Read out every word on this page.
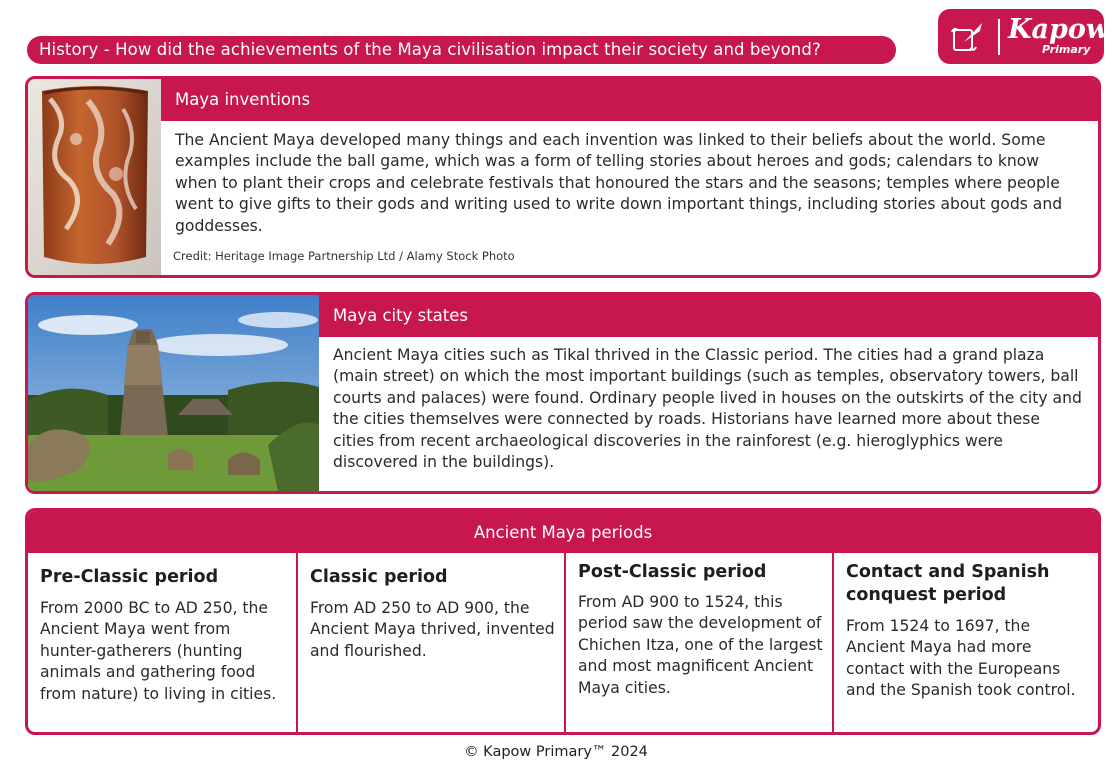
History - How did the achievements of the Maya civilisation impact their society and beyond?
Kapow
Primary
Maya inventions
The Ancient Maya developed many things and each invention was linked to their beliefs about the world. Some examples include the ball game, which was a form of telling stories about heroes and gods; calendars to know when to plant their crops and celebrate festivals that honoured the stars and the seasons; temples where people went to give gifts to their gods and writing used to write down important things, including stories about gods and goddesses.
Credit: Heritage Image Partnership Ltd / Alamy Stock Photo
Maya city states
Ancient Maya cities such as Tikal thrived in the Classic period. The cities had a grand plaza (main street) on which the most important buildings (such as temples, observatory towers, ball courts and palaces) were found. Ordinary people lived in houses on the outskirts of the city and the cities themselves were connected by roads. Historians have learned more about these cities from recent archaeological discoveries in the rainforest (e.g. hieroglyphics were discovered in the buildings).
Ancient Maya periods
Pre-Classic period
From 2000 BC to AD 250, the Ancient Maya went from hunter-gatherers (hunting animals and gathering food from nature) to living in cities.
Classic period
From AD 250 to AD 900, the Ancient Maya thrived, invented and flourished.
Post-Classic period
From AD 900 to 1524, this period saw the development of Chichen Itza, one of the largest and most magnificent Ancient Maya cities.
Contact and Spanish conquest period
From 1524 to 1697, the Ancient Maya had more contact with the Europeans and the Spanish took control.
© Kapow Primary™ 2024
